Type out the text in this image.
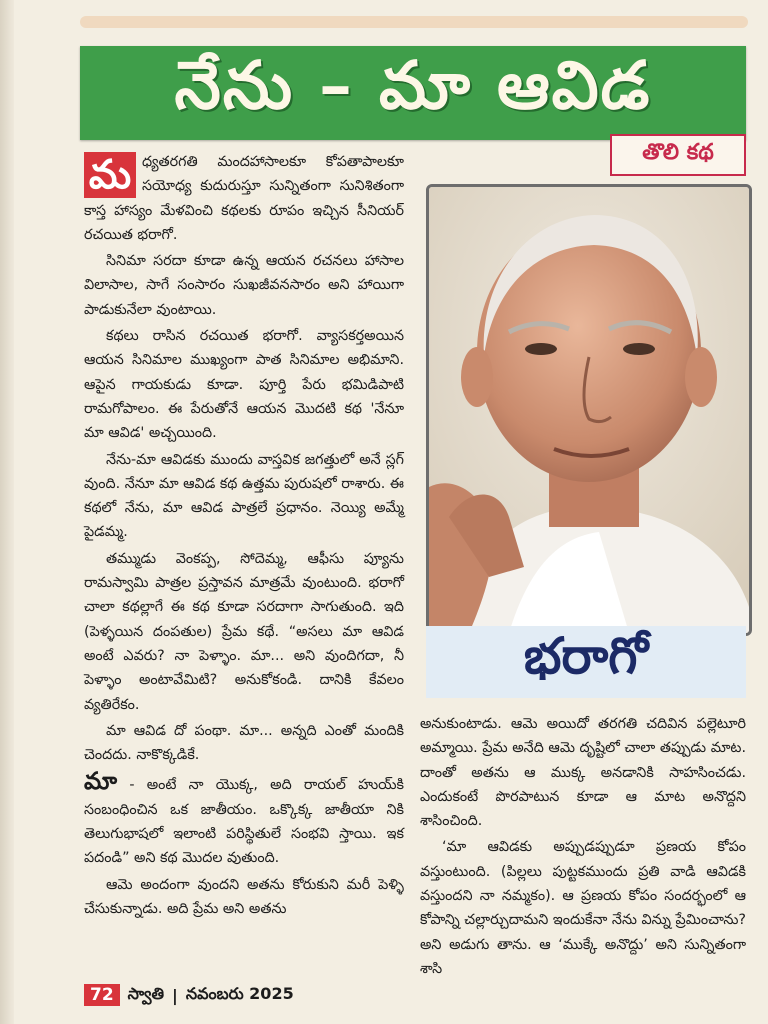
నేను – మా ఆవిడ
తొలి కథ

మ ధ్యతరగతి మందహాసాలకూ కోపతాపాలకూ సయోధ్య కుదురుస్తూ సున్నితంగా సునిశితంగా కాస్త హాస్యం మేళవించి కథలకు రూపం ఇచ్చిన సీనియర్ రచయిత భరాగో.

సినిమా సరదా కూడా ఉన్న ఆయన రచనలు హాసాల విలాసాల, సాగే సంసారం సుఖజీవనసారం అని హాయిగా పాడుకునేలా వుంటాయి.

కథలు రాసిన రచయిత భరాగో. వ్యాసకర్తఅయిన ఆయన సినిమాల ముఖ్యంగా పాత సినిమాల అభిమాని. ఆపైన గాయకుడు కూడా. పూర్తి పేరు భమిడిపాటి రామగోపాలం. ఈ పేరుతోనే ఆయన మొదటి కథ 'నేనూ మా ఆవిడ' అచ్చయింది.

నేను-మా ఆవిడకు ముందు వాస్తవిక జగత్తులో అనే స్లగ్ వుంది. నేనూ మా ఆవిడ కథ ఉత్తమ పురుషలో రాశారు. ఈ కథలో నేను, మా ఆవిడ పాత్రలే ప్రధానం. నెయ్యి అమ్మే పైడమ్మ.

తమ్ముడు వెంకప్ప, సోదెమ్మ, ఆఫీసు ప్యూను రామస్వామి పాత్రల ప్రస్తావన మాత్రమే వుంటుంది. భరాగో చాలా కథల్లాగే ఈ కథ కూడా సరదాగా సాగుతుంది. ఇది (పెళ్ళయిన దంపతుల) ప్రేమ కథే. “అసలు మా ఆవిడ అంటే ఎవరు? నా పెళ్ళాం. మా... అని వుందిగదా, నీ పెళ్ళాం అంటావేమిటి? అనుకోకండి. దానికి కేవలం వ్యతిరేకం.

మా ఆవిడ దో పంథా. మా... అన్నది ఎంతో మందికి చెందదు. నాకొక్కడికే.

మా - అంటే నా యొక్క, అది రాయల్ హుయ్‌కి సంబంధించిన ఒక జాతీయం. ఒక్కొక్క జాతీయా నికి తెలుగుభాషలో ఇలాంటి పరిస్థితులే సంభవి స్తాయి. ఇక పదండి” అని కథ మొదల వుతుంది.

ఆమె అందంగా వుందని అతను కోరుకుని మరీ పెళ్ళి చేసుకున్నాడు. అది ప్రేమ అని అతను

భరాగో

అనుకుంటాడు. ఆమె అయిదో తరగతి చదివిన పల్లెటూరి అమ్మాయి. ప్రేమ అనేది ఆమె దృష్టిలో చాలా తప్పుడు మాట. దాంతో అతను ఆ ముక్క అనడానికి సాహసించడు. ఎందుకంటే పొరపాటున కూడా ఆ మాట అనొద్దని శాసించింది.

‘మా ఆవిడకు అప్పుడప్పుడూ ప్రణయ కోపం వస్తుంటుంది. (పిల్లలు పుట్టకముందు ప్రతి వాడి ఆవిడకి వస్తుందని నా నమ్మకం). ఆ ప్రణయ కోపం సందర్భంలో ఆ కోపాన్ని చల్లార్చుదామని ఇందుకేనా నేను విన్ను ప్రేమించాను? అని అడుగు తాను. ఆ ‘ముక్కే అనొద్దు’ అని సున్నితంగా శాసి

72 స్వాతి | నవంబరు 2025
